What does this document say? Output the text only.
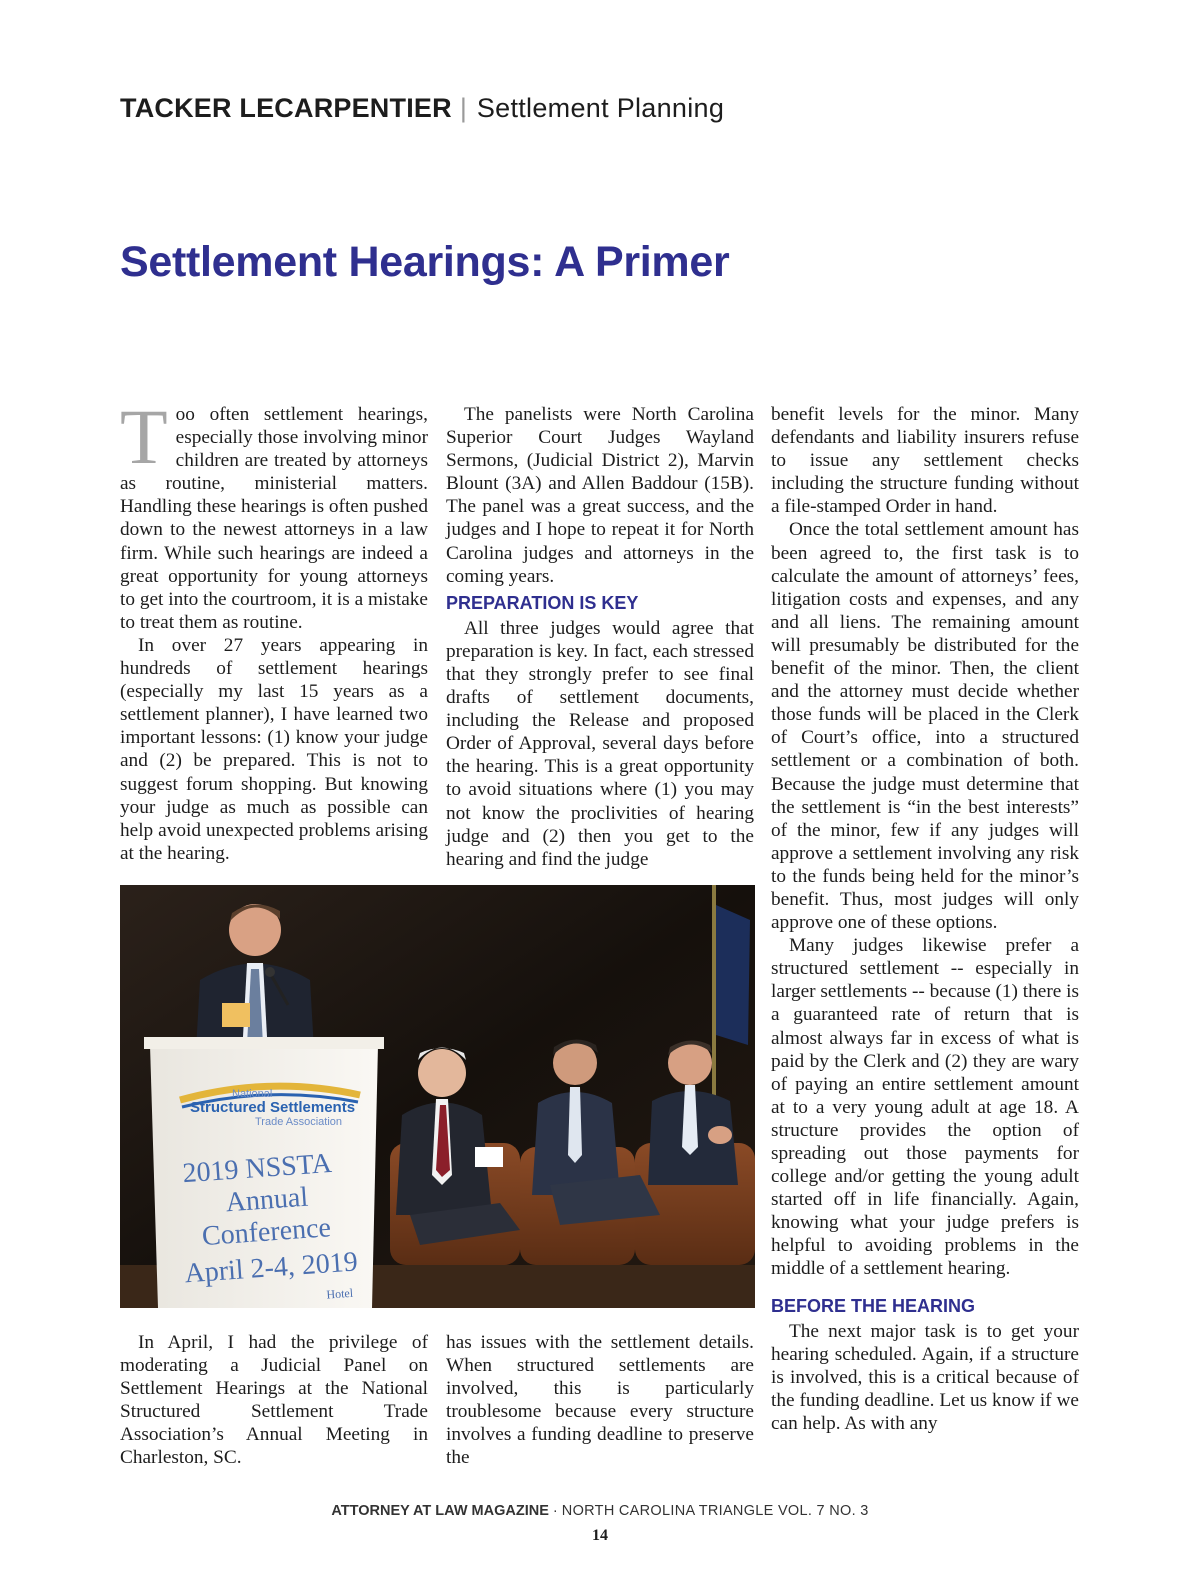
TACKER LECARPENTIER | Settlement Planning
Settlement Hearings: A Primer

Too often settlement hearings, especially those involving minor children are treated by attorneys as routine, ministerial matters. Handling these hearings is often pushed down to the newest attorneys in a law firm. While such hearings are indeed a great opportunity for young attorneys to get into the courtroom, it is a mistake to treat them as routine.

In over 27 years appearing in hundreds of settlement hearings (especially my last 15 years as a settlement planner), I have learned two important lessons: (1) know your judge and (2) be prepared. This is not to suggest forum shopping. But knowing your judge as much as possible can help avoid unexpected problems arising at the hearing.

The panelists were North Carolina Superior Court Judges Wayland Sermons, (Judicial District 2), Marvin Blount (3A) and Allen Baddour (15B). The panel was a great success, and the judges and I hope to repeat it for North Carolina judges and attorneys in the coming years.

PREPARATION IS KEY

All three judges would agree that preparation is key. In fact, each stressed that they strongly prefer to see final drafts of settlement documents, including the Release and proposed Order of Approval, several days before the hearing. This is a great opportunity to avoid situations where (1) you may not know the proclivities of hearing judge and (2) then you get to the hearing and find the judge

benefit levels for the minor. Many defendants and liability insurers refuse to issue any settlement checks including the structure funding without a file-stamped Order in hand.

Once the total settlement amount has been agreed to, the first task is to calculate the amount of attorneys’ fees, litigation costs and expenses, and any and all liens. The remaining amount will presumably be distributed for the benefit of the minor. Then, the client and the attorney must decide whether those funds will be placed in the Clerk of Court’s office, into a structured settlement or a combination of both. Because the judge must determine that the settlement is “in the best interests” of the minor, few if any judges will approve a settlement involving any risk to the funds being held for the minor’s benefit. Thus, most judges will only approve one of these options.

Many judges likewise prefer a structured settlement -- especially in larger settlements -- because (1) there is a guaranteed rate of return that is almost always far in excess of what is paid by the Clerk and (2) they are wary of paying an entire settlement amount at to a very young adult at age 18. A structure provides the option of spreading out those payments for college and/or getting the young adult started off in life financially. Again, knowing what your judge prefers is helpful to avoiding problems in the middle of a settlement hearing.

BEFORE THE HEARING

The next major task is to get your hearing scheduled. Again, if a structure is involved, this is a critical because of the funding deadline. Let us know if we can help. As with any

National
Structured Settlements
Trade Association
2019 NSSTA
Annual
Conference
April 2-4, 2019
Hotel

In April, I had the privilege of moderating a Judicial Panel on Settlement Hearings at the National Structured Settlement Trade Association’s Annual Meeting in Charleston, SC.

has issues with the settlement details. When structured settlements are involved, this is particularly troublesome because every structure involves a funding deadline to preserve the

ATTORNEY AT LAW MAGAZINE · NORTH CAROLINA TRIANGLE VOL. 7 NO. 3
14
